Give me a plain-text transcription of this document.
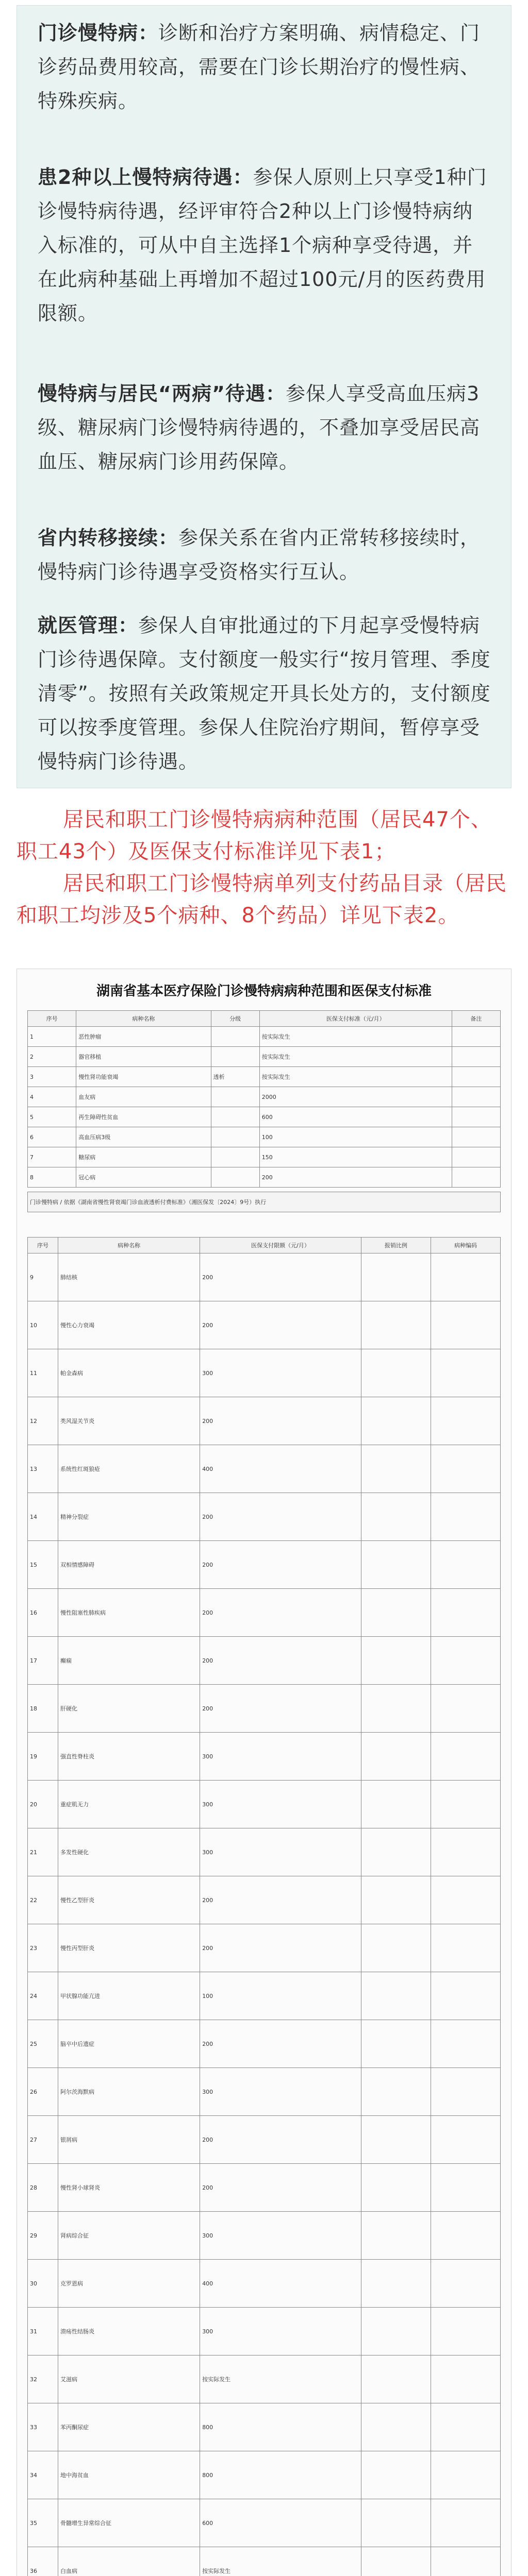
门诊慢特病：诊断和治疗方案明确、病情稳定、门诊药品费用较高，需要在门诊长期治疗的慢性病、特殊疾病。
患2种以上慢特病待遇：参保人原则上只享受1种门诊慢特病待遇，经评审符合2种以上门诊慢特病纳入标准的，可从中自主选择1个病种享受待遇，并在此病种基础上再增加不超过100元/月的医药费用限额。
慢特病与居民“两病”待遇：参保人享受高血压病3级、糖尿病门诊慢特病待遇的，不叠加享受居民高血压、糖尿病门诊用药保障。
省内转移接续：参保关系在省内正常转移接续时，慢特病门诊待遇享受资格实行互认。
就医管理：参保人自审批通过的下月起享受慢特病门诊待遇保障。支付额度一般实行“按月管理、季度清零”。按照有关政策规定开具长处方的，支付额度可以按季度管理。参保人住院治疗期间，暂停享受慢特病门诊待遇。

居民和职工门诊慢特病病种范围（居民47个、职工43个）及医保支付标准详见下表1；

居民和职工门诊慢特病单列支付药品目录（居民和职工均涉及5个病种、8个药品）详见下表2。

湖南省基本医疗保险门诊慢特病病种范围和医保支付标准
序号	病种名称	分级	医保支付标准（元/月）	备注
1	恶性肿瘤		按实际发生	
2	器官移植		按实际发生	
3	慢性肾功能衰竭	透析	按实际发生	
4	血友病		2000	
5	再生障碍性贫血		600	
6	高血压病3级		100	
7	糖尿病		150	
8	冠心病		200	
门诊慢特病 / 依据《湖南省慢性肾衰竭门诊血液透析付费标准》（湘医保发〔2024〕9号）执行
序号	病种名称	医保支付限额（元/月）	报销比例	病种编码
9	肺结核	200		
10	慢性心力衰竭	200		
11	帕金森病	300		
12	类风湿关节炎	200		
13	系统性红斑狼疮	400		
14	精神分裂症	200		
15	双相情感障碍	200		
16	慢性阻塞性肺疾病	200		
17	癫痫	200		
18	肝硬化	200		
19	强直性脊柱炎	300		
20	重症肌无力	300		
21	多发性硬化	300		
22	慢性乙型肝炎	200		
23	慢性丙型肝炎	200		
24	甲状腺功能亢进	100		
25	脑卒中后遗症	200		
26	阿尔茨海默病	300		
27	银屑病	200		
28	慢性肾小球肾炎	200		
29	肾病综合征	300		
30	克罗恩病	400		
31	溃疡性结肠炎	300		
32	艾滋病	按实际发生		
33	苯丙酮尿症	800		
34	地中海贫血	800		
35	骨髓增生异常综合征	600		
36	白血病	按实际发生		
